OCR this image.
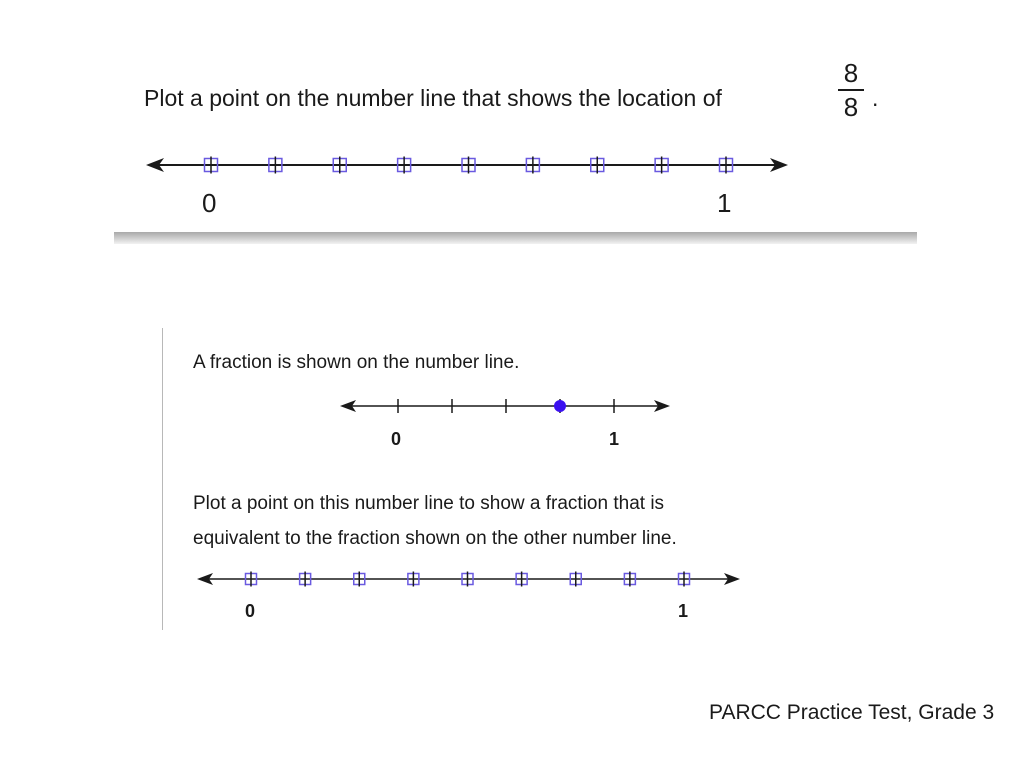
Plot a point on the number line that shows the location of
8
8 .
0	1
A fraction is shown on the number line.
0	1
Plot a point on this number line to show a fraction that is
equivalent to the fraction shown on the other number line.
0	1
PARCC Practice Test, Grade 3
